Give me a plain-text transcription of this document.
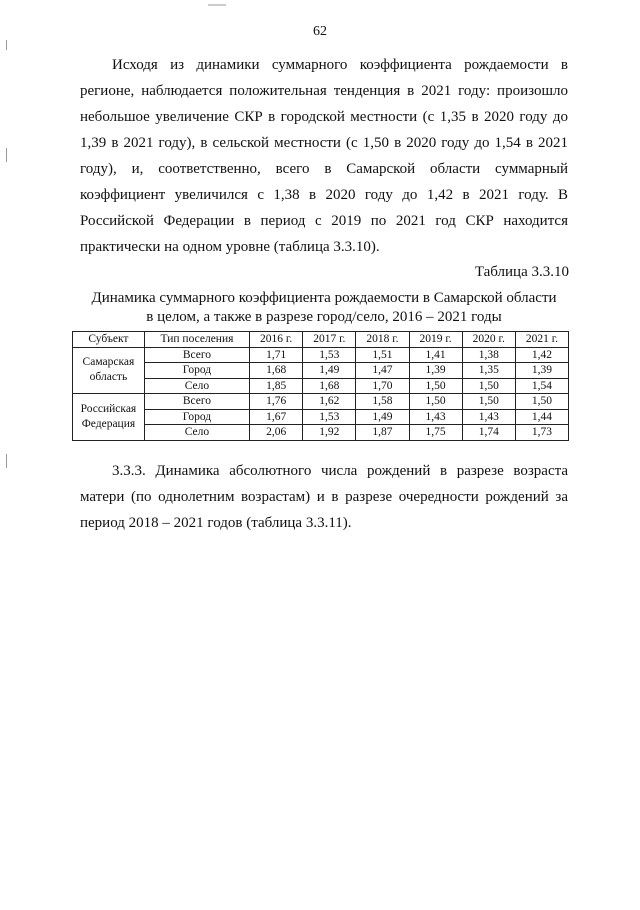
62

Исходя из динамики суммарного коэффициента рождаемости в регионе, наблюдается положительная тенденция в 2021 году: произошло небольшое увеличение СКР в городской местности (с 1,35 в 2020 году до 1,39 в 2021 году), в сельской местности (с 1,50 в 2020 году до 1,54 в 2021 году), и, соответственно, всего в Самарской области суммарный коэффициент увеличился с 1,38 в 2020 году до 1,42 в 2021 году. В Российской Федерации в период с 2019 по 2021 год СКР находится практически на одном уровне (таблица 3.3.10).

Таблица 3.3.10
Динамика суммарного коэффициента рождаемости в Самарской области
в целом, а также в разрезе город/село, 2016 – 2021 годы
Субъект	Тип поселения	2016 г.	2017 г.	2018 г.	2019 г.	2020 г.	2021 г.
Самарская область	Всего	1,71	1,53	1,51	1,41	1,38	1,42
	Город	1,68	1,49	1,47	1,39	1,35	1,39
	Село	1,85	1,68	1,70	1,50	1,50	1,54
Российская Федерация	Всего	1,76	1,62	1,58	1,50	1,50	1,50
	Город	1,67	1,53	1,49	1,43	1,43	1,44
	Село	2,06	1,92	1,87	1,75	1,74	1,73

3.3.3. Динамика абсолютного числа рождений в разрезе возраста матери (по однолетним возрастам) и в разрезе очередности рождений за период 2018 – 2021 годов (таблица 3.3.11).
